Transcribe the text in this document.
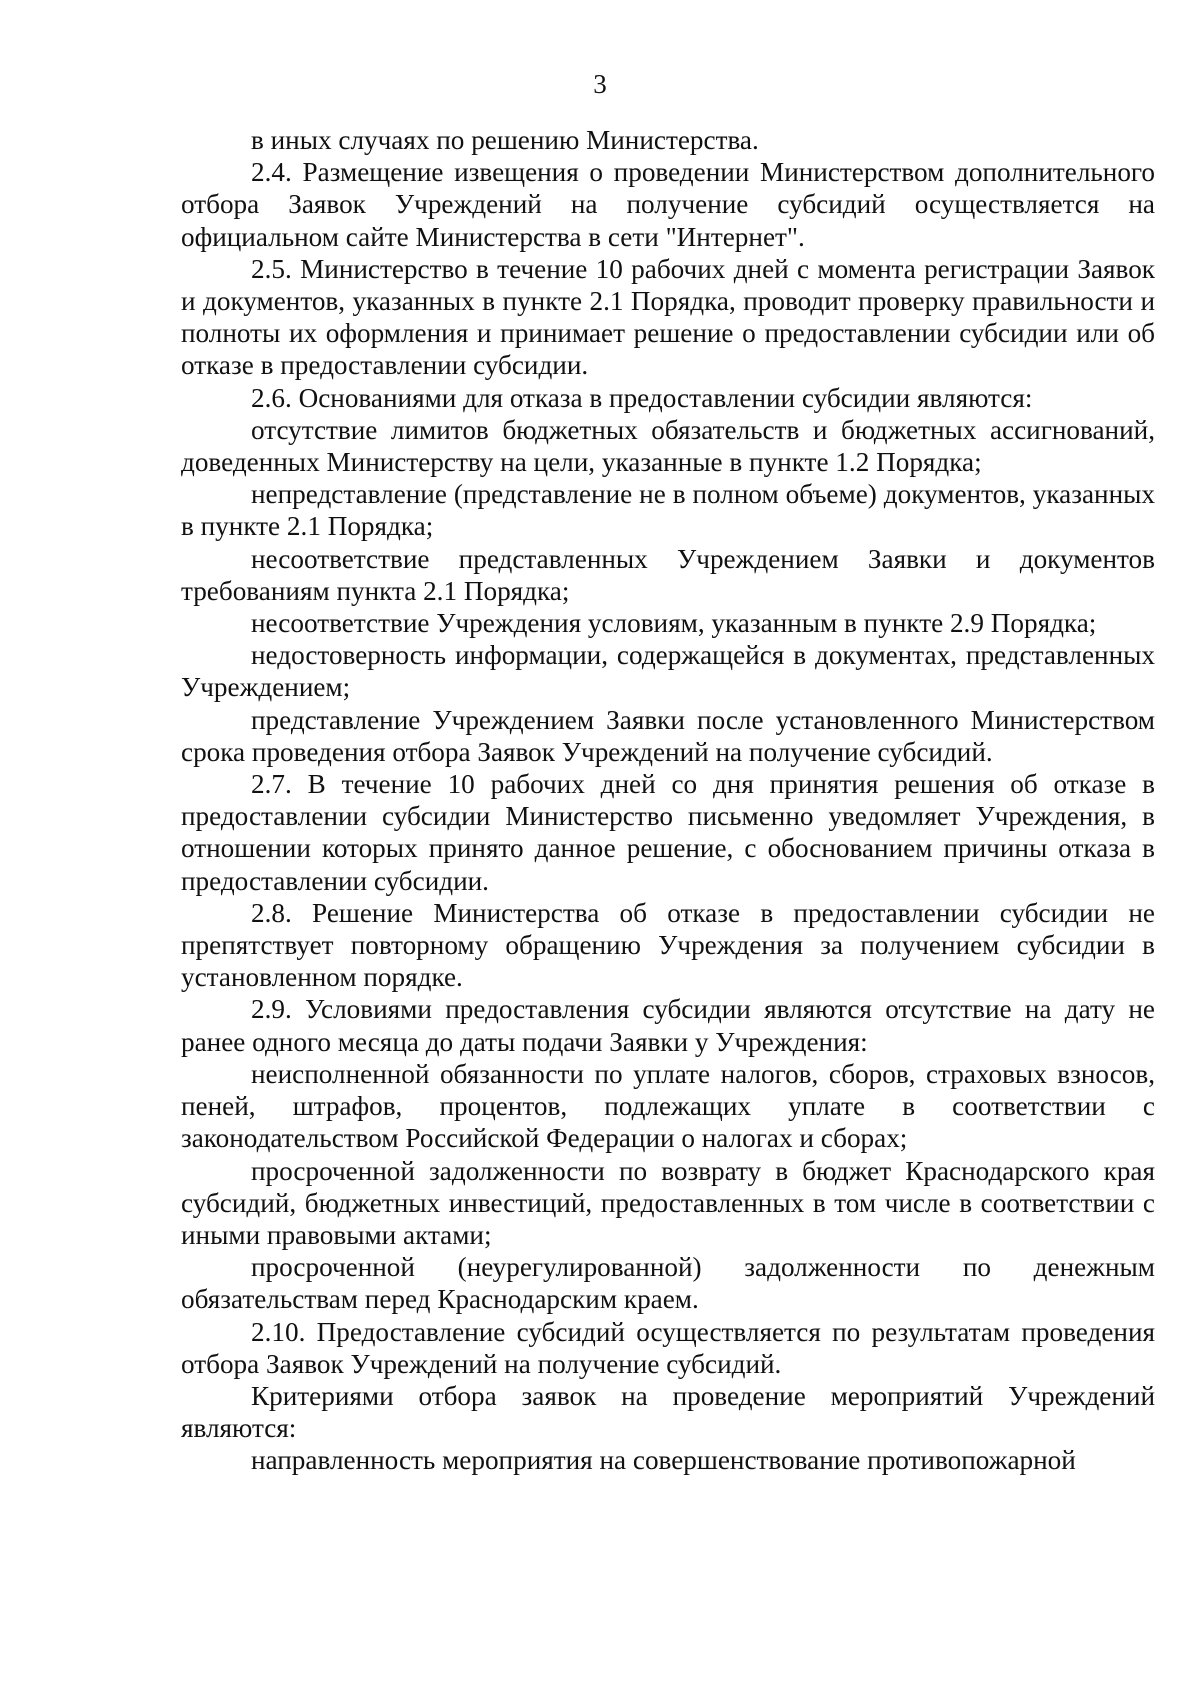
3

в иных случаях по решению Министерства.

2.4. Размещение извещения о проведении Министерством дополнительного отбора Заявок Учреждений на получение субсидий осуществляется на официальном сайте Министерства в сети "Интернет".

2.5. Министерство в течение 10 рабочих дней с момента регистрации Заявок и документов, указанных в пункте 2.1 Порядка, проводит проверку правильности и полноты их оформления и принимает решение о предоставлении субсидии или об отказе в предоставлении субсидии.

2.6. Основаниями для отказа в предоставлении субсидии являются:

отсутствие лимитов бюджетных обязательств и бюджетных ассигнований, доведенных Министерству на цели, указанные в пункте 1.2 Порядка;

непредставление (представление не в полном объеме) документов, указанных в пункте 2.1 Порядка;

несоответствие представленных Учреждением Заявки и документов требованиям пункта 2.1 Порядка;

несоответствие Учреждения условиям, указанным в пункте 2.9 Порядка;

недостоверность информации, содержащейся в документах, представленных Учреждением;

представление Учреждением Заявки после установленного Министерством срока проведения отбора Заявок Учреждений на получение субсидий.

2.7. В течение 10 рабочих дней со дня принятия решения об отказе в предоставлении субсидии Министерство письменно уведомляет Учреждения, в отношении которых принято данное решение, с обоснованием причины отказа в предоставлении субсидии.

2.8. Решение Министерства об отказе в предоставлении субсидии не препятствует повторному обращению Учреждения за получением субсидии в установленном порядке.

2.9. Условиями предоставления субсидии являются отсутствие на дату не ранее одного месяца до даты подачи Заявки у Учреждения:

неисполненной обязанности по уплате налогов, сборов, страховых взносов, пеней, штрафов, процентов, подлежащих уплате в соответствии с законодательством Российской Федерации о налогах и сборах;

просроченной задолженности по возврату в бюджет Краснодарского края субсидий, бюджетных инвестиций, предоставленных в том числе в соответствии с иными правовыми актами;

просроченной (неурегулированной) задолженности по денежным обязательствам перед Краснодарским краем.

2.10. Предоставление субсидий осуществляется по результатам проведения отбора Заявок Учреждений на получение субсидий.

Критериями отбора заявок на проведение мероприятий Учреждений являются:

направленность мероприятия на совершенствование противопожарной
